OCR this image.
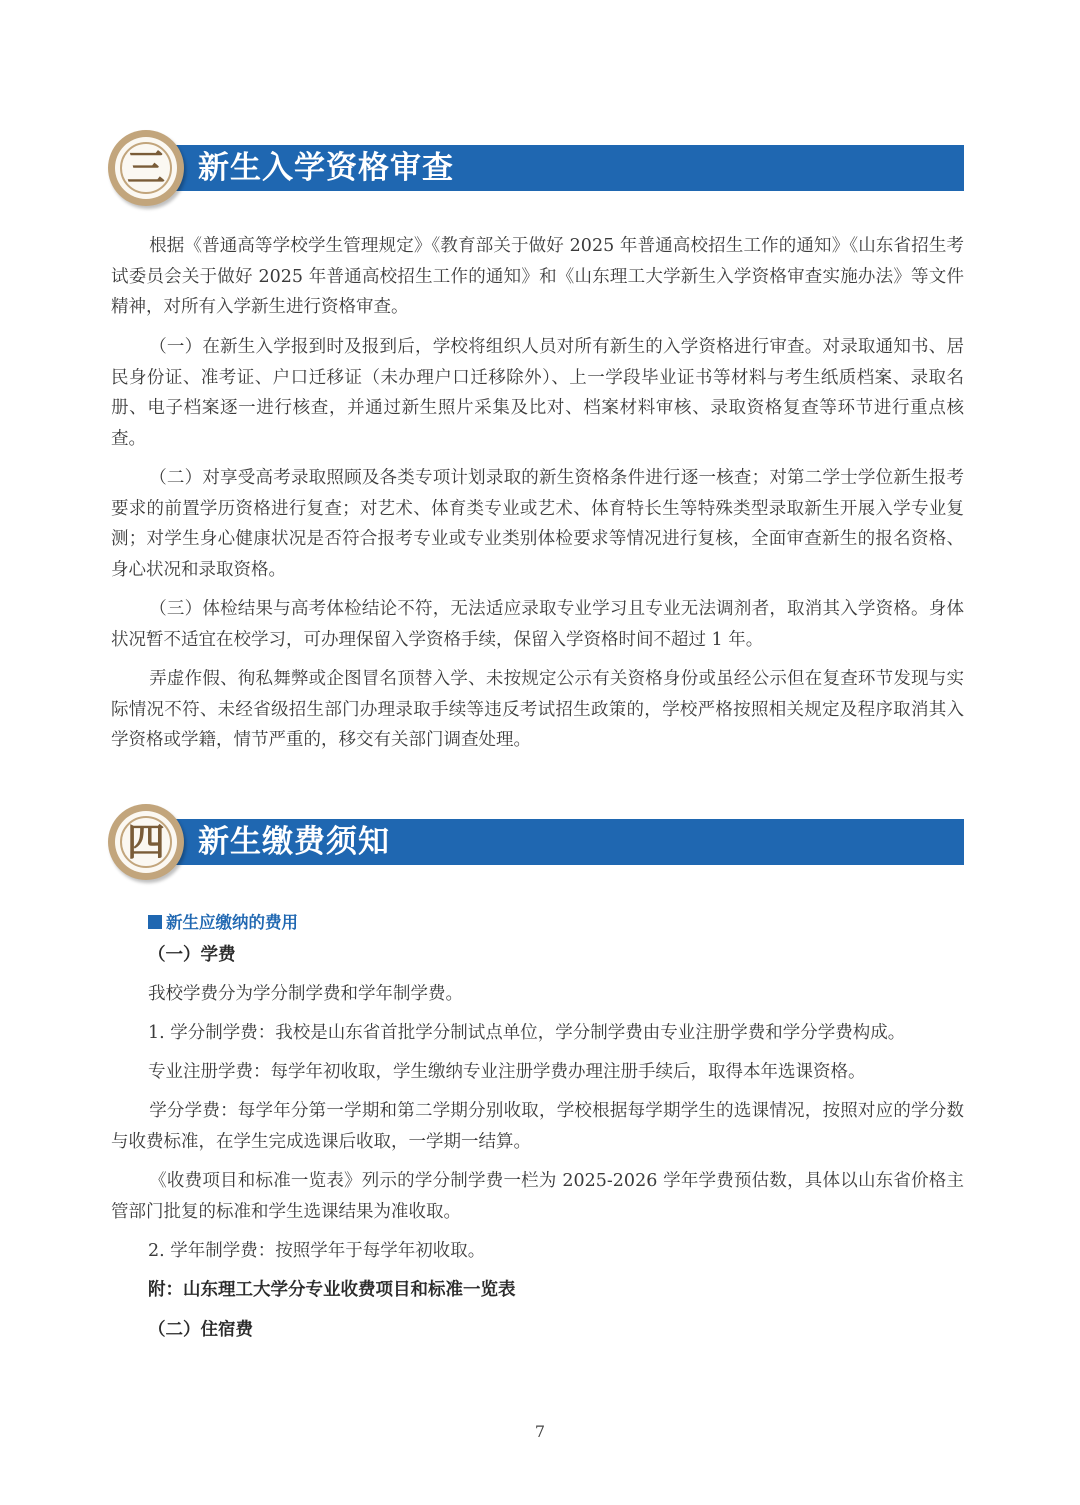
新生入学资格审查
三

根据《普通高等学校学生管理规定》《教育部关于做好 2025 年普通高校招生工作的通知》《山东省招生考试委员会关于做好 2025 年普通高校招生工作的通知》和《山东理工大学新生入学资格审查实施办法》等文件精神，对所有入学新生进行资格审查。

（一）在新生入学报到时及报到后，学校将组织人员对所有新生的入学资格进行审查。对录取通知书、居民身份证、准考证、户口迁移证（未办理户口迁移除外）、上一学段毕业证书等材料与考生纸质档案、录取名册、电子档案逐一进行核查，并通过新生照片采集及比对、档案材料审核、录取资格复查等环节进行重点核查。

（二）对享受高考录取照顾及各类专项计划录取的新生资格条件进行逐一核查；对第二学士学位新生报考要求的前置学历资格进行复查；对艺术、体育类专业或艺术、体育特长生等特殊类型录取新生开展入学专业复测；对学生身心健康状况是否符合报考专业或专业类别体检要求等情况进行复核，全面审查新生的报名资格、身心状况和录取资格。

（三）体检结果与高考体检结论不符，无法适应录取专业学习且专业无法调剂者，取消其入学资格。身体状况暂不适宜在校学习，可办理保留入学资格手续，保留入学资格时间不超过 1 年。

弄虚作假、徇私舞弊或企图冒名顶替入学、未按规定公示有关资格身份或虽经公示但在复查环节发现与实际情况不符、未经省级招生部门办理录取手续等违反考试招生政策的，学校严格按照相关规定及程序取消其入学资格或学籍，情节严重的，移交有关部门调查处理。

新生缴费须知
四
新生应缴纳的费用
（一）学费

我校学费分为学分制学费和学年制学费。

1. 学分制学费：我校是山东省首批学分制试点单位，学分制学费由专业注册学费和学分学费构成。

专业注册学费：每学年初收取，学生缴纳专业注册学费办理注册手续后，取得本年选课资格。

学分学费：每学年分第一学期和第二学期分别收取，学校根据每学期学生的选课情况，按照对应的学分数与收费标准，在学生完成选课后收取，一学期一结算。

《收费项目和标准一览表》列示的学分制学费一栏为 2025-2026 学年学费预估数，具体以山东省价格主管部门批复的标准和学生选课结果为准收取。

2. 学年制学费：按照学年于每学年初收取。

附：山东理工大学分专业收费项目和标准一览表
（二）住宿费
7
